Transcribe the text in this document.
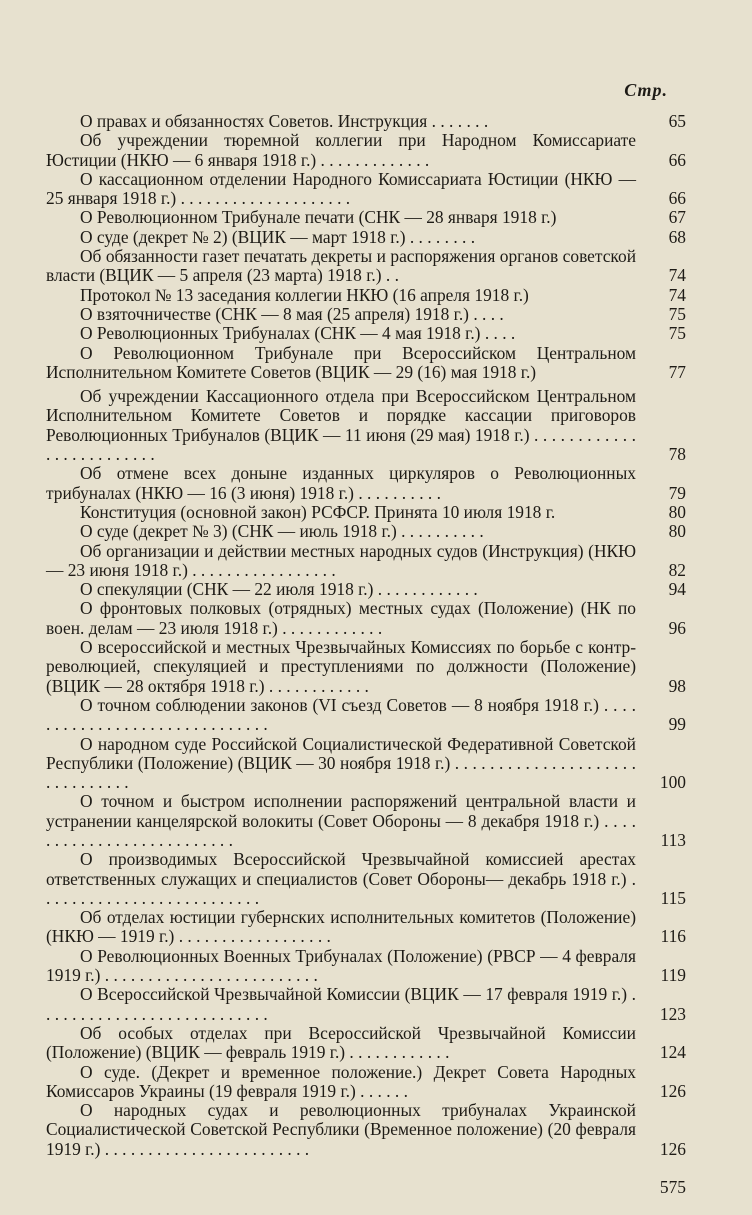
Стр.
О правах и обязанностях Советов. Инструкция . . . . . . .	65
Об учреждении тюремной коллегии при Народном Комиссариате Юстиции (НКЮ — 6 января 1918 г.) . . . . . . . . . . . . .	66
О кассационном отделении Народного Комиссариата Юстиции (НКЮ — 25 января 1918 г.) . . . . . . . . . . . . . . . . . . . .	66
О Революционном Трибунале печати (СНК — 28 января 1918 г.)	67
О суде (декрет № 2) (ВЦИК — март 1918 г.) . . . . . . . .	68
Об обязанности газет печатать декреты и распоряжения органов советской власти (ВЦИК — 5 апреля (23 марта) 1918 г.) . .	74
Протокол № 13 заседания коллегии НКЮ (16 апреля 1918 г.)	74
О взяточничестве (СНК — 8 мая (25 апреля) 1918 г.) . . . .	75
О Революционных Трибуналах (СНК — 4 мая 1918 г.) . . . .	75
О Революционном Трибунале при Всероссийском Центральном Исполнительном Комитете Советов (ВЦИК — 29 (16) мая 1918 г.)	77
Об учреждении Кассационного отдела при Всероссийском Центральном Исполнительном Комитете Советов и порядке кассации приговоров Революционных Трибуналов (ВЦИК — 11 июня (29 мая) 1918 г.) . . . . . . . . . . . . . . . . . . . . . . . . .	78
Об отмене всех доныне изданных циркуляров о Революционных трибуналах (НКЮ — 16 (3 июня) 1918 г.) . . . . . . . . . .	79
Конституция (основной закон) РСФСР. Принята 10 июля 1918 г.	80
О суде (декрет № 3) (СНК — июль 1918 г.) . . . . . . . . . .	80
Об организации и действии местных народных судов (Инструкция) (НКЮ — 23 июня 1918 г.) . . . . . . . . . . . . . . . . .	82
О спекуляции (СНК — 22 июля 1918 г.) . . . . . . . . . . . .	94
О фронтовых полковых (отрядных) местных судах (Положение) (НК по воен. делам — 23 июля 1918 г.) . . . . . . . . . . . .	96
О всероссийской и местных Чрезвычайных Комиссиях по борьбе с контр-революцией, спекуляцией и преступлениями по должности (Положение) (ВЦИК — 28 октября 1918 г.) . . . . . . . . . . . .	98
О точном соблюдении законов (VI съезд Советов — 8 ноября 1918 г.) . . . . . . . . . . . . . . . . . . . . . . . . . . . . . .	99
О народном суде Российской Социалистической Федеративной Советской Республики (Положение) (ВЦИК — 30 ноября 1918 г.) . . . . . . . . . . . . . . . . . . . . . . . . . . . . . . .	100
О точном и быстром исполнении распоряжений центральной власти и устранении канцелярской волокиты (Совет Обороны — 8 декабря 1918 г.) . . . . . . . . . . . . . . . . . . . . . . . . . .	113
О производимых Всероссийской Чрезвычайной комиссией арестах ответственных служащих и специалистов (Совет Обороны— декабрь 1918 г.) . . . . . . . . . . . . . . . . . . . . . . . . . .	115
Об отделах юстиции губернских исполнительных комитетов (Положение) (НКЮ — 1919 г.) . . . . . . . . . . . . . . . . . .	116
О Революционных Военных Трибуналах (Положение) (РВСР — 4 февраля 1919 г.) . . . . . . . . . . . . . . . . . . . . . . . . .	119
О Всероссийской Чрезвычайной Комиссии (ВЦИК — 17 февраля 1919 г.) . . . . . . . . . . . . . . . . . . . . . . . . . . .	123
Об особых отделах при Всероссийской Чрезвычайной Комиссии (Положение) (ВЦИК — февраль 1919 г.) . . . . . . . . . . . .	124
О суде. (Декрет и временное положение.) Декрет Совета Народных Комиссаров Украины (19 февраля 1919 г.) . . . . . .	126
О народных судах и революционных трибуналах Украинской Социалистической Советской Республики (Временное положение) (20 февраля 1919 г.) . . . . . . . . . . . . . . . . . . . . . . . .	126
575
